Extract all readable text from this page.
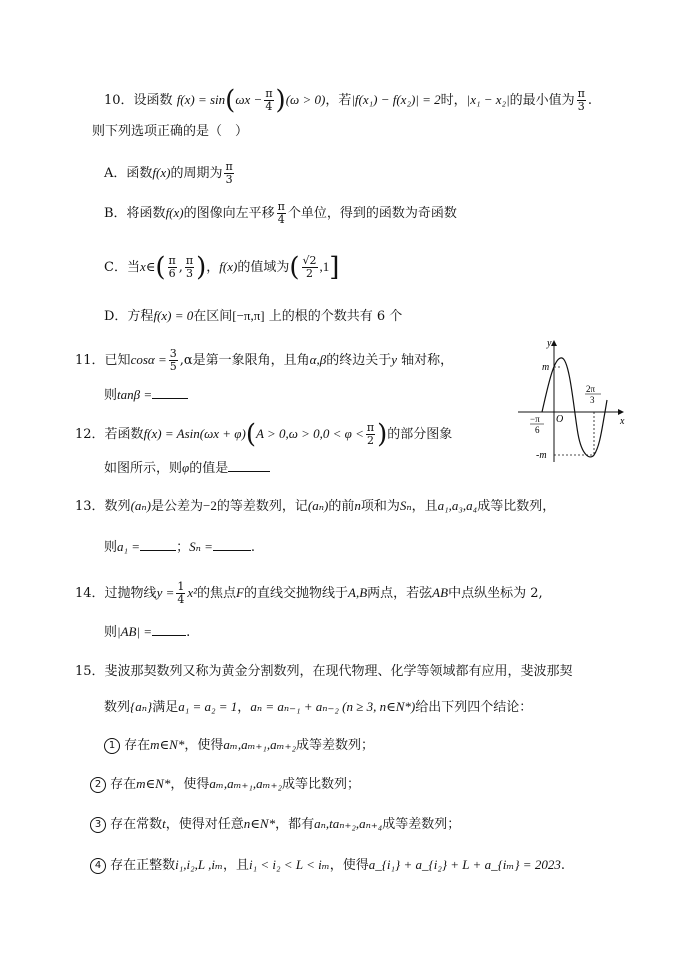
10．设函数 $f(x) = \sin(\omega x - \frac{\pi}{4} )(\omega > 0)$，若|f(x₁) − f(x₂)| = 2时，|x₁ − x₂|的最小值为 $\frac{\pi}{3}$ .
则下列选项正确的是（　）
A．函数f(x)的周期为 $\frac{\pi}{3}$
B．将函数f(x)的图像向左平移 $\frac{\pi}{4}$ 个单位，得到的函数为奇函数
C．当x∈( $\frac{\pi}{6}$ , $\frac{\pi}{3}$ )，f(x)的值域为( $\frac{√2}{2} ,1$]
D．方程f(x) = 0在区间[−π,π] 上的根的个数共有 6 个
11．已知$\cos\alpha = \frac{3}{5} ,\alpha$是第一象限角，且角α,β的终边关于y 轴对称，
则tanβ =
12．若函数$f(x) = Asin(\omega x + \varphi)(A > 0,\omega > 0,0 < \varphi < \frac{\pi}{2}$ )的部分图象
如图所示，则φ的值是
y
x
O
m
-m
−π
6
2π
3
13．数列(aₙ)是公差为−2的等差数列，记(aₙ)的前n项和为Sₙ，且a₁,a₃,a₄成等比数列，
则a₁ =	；Sₙ =	.
14．过抛物线$y = \frac{1}{4} x^2$的焦点F的直线交抛物线于A,B两点，若弦AB中点纵坐标为 2,
则|AB| =	.
15．斐波那契数列又称为黄金分割数列，在现代物理、化学等领域都有应用，斐波那契
数列{aₙ}满足a₁ = a₂ = 1，aₙ = aₙ₋₁ + aₙ₋₂ (n ≥ 3, n∈N*)给出下列四个结论：
1 存在m∈N*，使得aₘ,aₘ₊₁,aₘ₊₂成等差数列；
2 存在m∈N*，使得aₘ,aₘ₊₁,aₘ₊₂成等比数列；
3 存在常数t，使得对任意n∈N*，都有aₙ,taₙ₊₂,aₙ₊₄成等差数列；
4 存在正整数i₁,i₂,L ,iₘ，且i₁ < i₂ < L < iₘ，使得a_{i₁} + a_{i₂} + L + a_{iₘ} = 2023.
